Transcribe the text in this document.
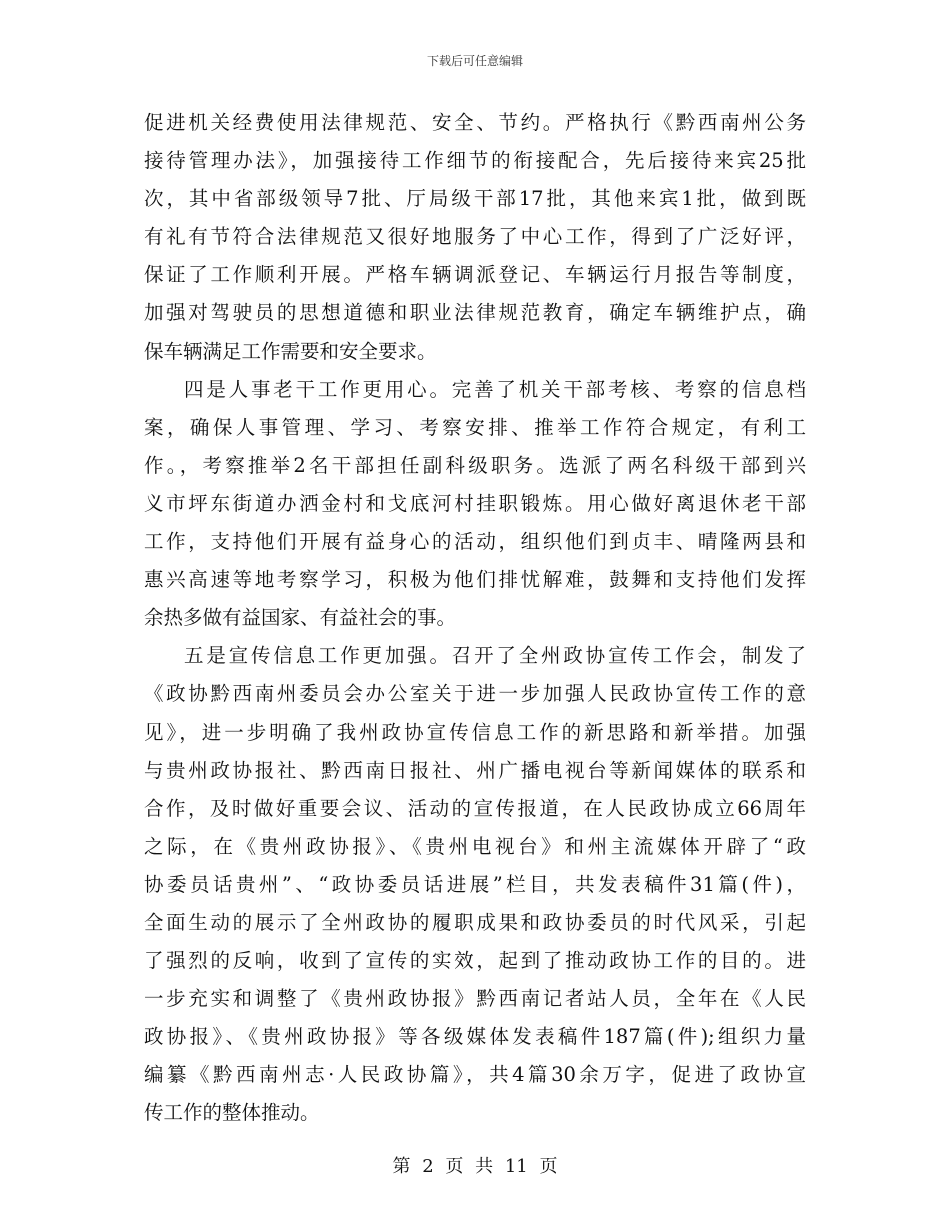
下载后可任意编辑
促进机关经费使用法律规范、安全、节约。严格执行《黔西南州公务
接待管理办法》，加强接待工作细节的衔接配合，先后接待来宾25批
次，其中省部级领导7批、厅局级干部17批，其他来宾1批，做到既
有礼有节符合法律规范又很好地服务了中心工作，得到了广泛好评，
保证了工作顺利开展。严格车辆调派登记、车辆运行月报告等制度，
加强对驾驶员的思想道德和职业法律规范教育，确定车辆维护点，确
保车辆满足工作需要和安全要求。
四是人事老干工作更用心。完善了机关干部考核、考察的信息档
案，确保人事管理、学习、考察安排、推举工作符合规定，有利工
作。，考察推举2名干部担任副科级职务。选派了两名科级干部到兴
义市坪东街道办洒金村和戈底河村挂职锻炼。用心做好离退休老干部
工作，支持他们开展有益身心的活动，组织他们到贞丰、晴隆两县和
惠兴高速等地考察学习，积极为他们排忧解难，鼓舞和支持他们发挥
余热多做有益国家、有益社会的事。
五是宣传信息工作更加强。召开了全州政协宣传工作会，制发了
《政协黔西南州委员会办公室关于进一步加强人民政协宣传工作的意
见》，进一步明确了我州政协宣传信息工作的新思路和新举措。加强
与贵州政协报社、黔西南日报社、州广播电视台等新闻媒体的联系和
合作，及时做好重要会议、活动的宣传报道，在人民政协成立66周年
之际，在《贵州政协报》、《贵州电视台》和州主流媒体开辟了“政
协委员话贵州”、“政协委员话进展”栏目，共发表稿件31篇(件)，
全面生动的展示了全州政协的履职成果和政协委员的时代风采，引起
了强烈的反响，收到了宣传的实效，起到了推动政协工作的目的。进
一步充实和调整了《贵州政协报》黔西南记者站人员，全年在《人民
政协报》、《贵州政协报》等各级媒体发表稿件187篇(件);组织力量
编纂《黔西南州志·人民政协篇》，共4篇30余万字，促进了政协宣
传工作的整体推动。
第 2 页 共 11 页
